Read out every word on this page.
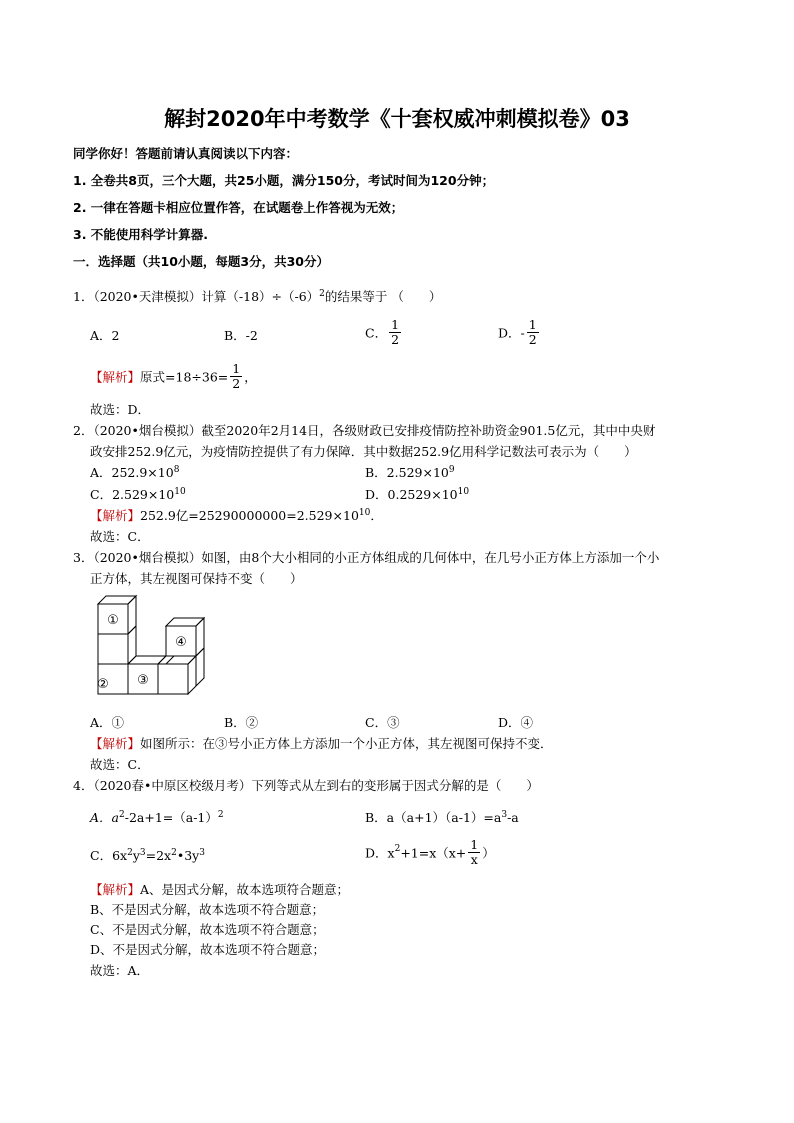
解封2020年中考数学《十套权威冲刺模拟卷》03
同学你好！答题前请认真阅读以下内容：
1. 全卷共8页，三个大题，共25小题，满分150分，考试时间为120分钟；
2. 一律在答题卡相应位置作答，在试题卷上作答视为无效；
3. 不能使用科学计算器.
一．选择题（共10小题，每题3分，共30分）
1．（2020•天津模拟）计算$(-18)\div(-6)^2$的结果等于 （　　）
A．2	B．-2	C． $\frac{1}{2}$	D．- $\frac{1}{2}$
【解析】原式$=18\div 36= \frac{1}{2}$ ，
故选：D．
2．（2020•烟台模拟）截至2020年2月14日，各级财政已安排疫情防控补助资金901.5亿元，其中中央财
政安排252.9亿元，为疫情防控提供了有力保障．其中数据252.9亿用科学记数法可表示为（　　）
A．$252.9\times 10^8$	B．$2.529\times 10^9$
C．$2.529\times 10^{10}$	D．$0.2529\times 10^{10}$
【解析】252.9亿$=25290000000=2.529\times 10^{10}$．
故选：C．
3．（2020•烟台模拟）如图，由8个大小相同的小正方体组成的几何体中，在几号小正方体上方添加一个小
正方体，其左视图可保持不变（　　）
①
② ③
④
A．①	B．②	C．③	D．④
【解析】如图所示：在③号小正方体上方添加一个小正方体，其左视图可保持不变．
故选：C．
4．（2020春•中原区校级月考）下列等式从左到右的变形属于因式分解的是（　　）
A．$a^2-2a+1=(a-1)^2$	B．$a(a+1)(a-1)=a^3-a$
C．$6x^2y^3=2x^2•3y^3$	D．$x^2+1=x(x+ \frac{1}{x}$ ）
【解析】A、是因式分解，故本选项符合题意；
B、不是因式分解，故本选项不符合题意；
C、不是因式分解，故本选项不符合题意；
D、不是因式分解，故本选项不符合题意；
故选：A．
